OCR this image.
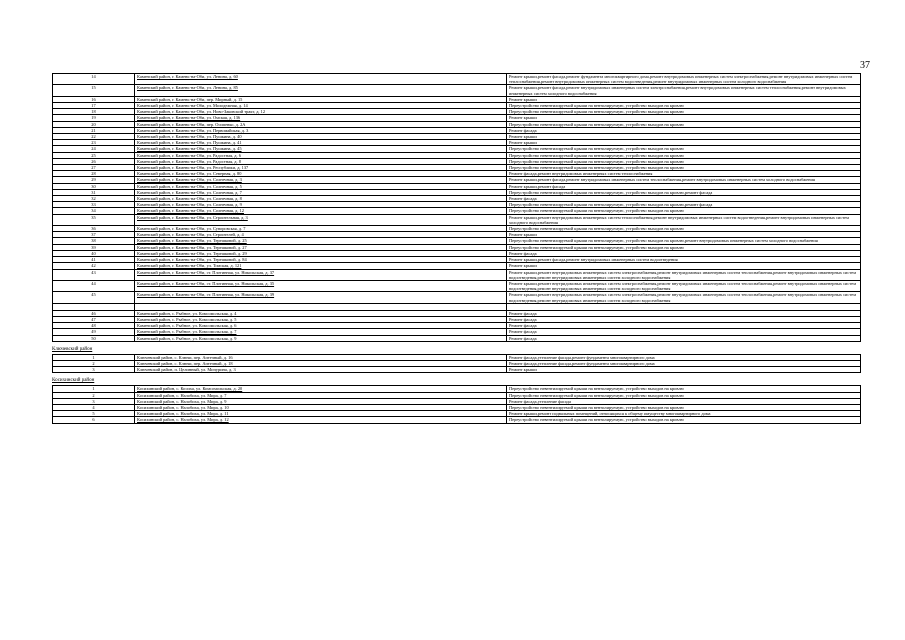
37
14	Каменский район, г. Камень-на-Оби, ул. Ленина, д. 60	Ремонт крыши,ремонт фасада,ремонт фундамента многоквартирного дома,ремонт внутридомовых инженерных систем электроснабжения,ремонт внутридомовых инженерных систем теплоснабжения,ремонт внутридомовых инженерных систем водоотведения,ремонт внутридомовых инженерных систем холодного водоснабжения
15	Каменский район, г. Камень-на-Оби, ул. Ленина, д. 85	Ремонт крыши,ремонт фасада,ремонт внутридомовых инженерных систем электроснабжения,ремонт внутридомовых инженерных систем теплоснабжения,ремонт внутридомовых инженерных систем холодного водоснабжения
16	Каменский район, г. Камень-на-Оби, пер. Мирный, д. 15	Ремонт крыши
17	Каменский район, г. Камень-на-Оби, ул. Молодежная, д. 14	Переустройство невентилируемой крыши на вентилируемую, устройство выходов на кровлю
18	Каменский район, г. Камень-на-Оби, ул. Ново-Заковский тракт, д. 12	Переустройство невентилируемой крыши на вентилируемую, устройство выходов на кровлю
19	Каменский район, г. Камень-на-Оби, ул. Омская, д. 136	Ремонт крыши
20	Каменский район, г. Камень-на-Оби, пер. Осипенко, д. 2А	Переустройство невентилируемой крыши на вентилируемую, устройство выходов на кровлю
21	Каменский район, г. Камень-на-Оби, ул. Первомайская, д. 3	Ремонт фасада
22	Каменский район, г. Камень-на-Оби, ул. Пушкина, д. 40	Ремонт крыши
23	Каменский район, г. Камень-на-Оби, ул. Пушкина, д. 41	Ремонт крыши
24	Каменский район, г. Камень-на-Оби, ул. Пушкина, д. 45	Переустройство невентилируемой крыши на вентилируемую, устройство выходов на кровлю
25	Каменский район, г. Камень-на-Оби, ул. Радостная, д. 6	Переустройство невентилируемой крыши на вентилируемую, устройство выходов на кровлю
26	Каменский район, г. Камень-на-Оби, ул. Радостная, д. 8	Переустройство невентилируемой крыши на вентилируемую, устройство выходов на кровлю
27	Каменский район, г. Камень-на-Оби, ул. Республики, д. 137	Переустройство невентилируемой крыши на вентилируемую, устройство выходов на кровлю
28	Каменский район, г. Камень-на-Оби, ул. Северная, д. 80	Ремонт фасада,ремонт внутридомовых инженерных систем теплоснабжения
29	Каменский район, г. Камень-на-Оби, ул. Солнечная, д. 3	Ремонт крыши,ремонт фасада,ремонт внутридомовых инженерных систем теплоснабжения,ремонт внутридомовых инженерных систем холодного водоснабжения
30	Каменский район, г. Камень-на-Оби, ул. Солнечная, д. 5	Ремонт крыши,ремонт фасада
31	Каменский район, г. Камень-на-Оби, ул. Солнечная, д. 7	Переустройство невентилируемой крыши на вентилируемую, устройство выходов на кровлю,ремонт фасада
32	Каменский район, г. Камень-на-Оби, ул. Солнечная, д. 8	Ремонт фасада
33	Каменский район, г. Камень-на-Оби, ул. Солнечная, д. 9	Переустройство невентилируемой крыши на вентилируемую, устройство выходов на кровлю,ремонт фасада
34	Каменский район, г. Камень-на-Оби, ул. Солнечная, д. 12	Переустройство невентилируемой крыши на вентилируемую, устройство выходов на кровлю
35	Каменский район, г. Камень-на-Оби, ул. Строительная, д. 3	Ремонт крыши,ремонт внутридомовых инженерных систем теплоснабжения,ремонт внутридомовых инженерных систем водоотведения,ремонт внутридомовых инженерных систем холодного водоснабжения
36	Каменский район, г. Камень-на-Оби, ул. Суворовская, д. 7	Переустройство невентилируемой крыши на вентилируемую, устройство выходов на кровлю
37	Каменский район, г. Камень-на-Оби, ул. Строителей, д. 4	Ремонт крыши
38	Каменский район, г. Камень-на-Оби, ул. Терешковой, д. 25	Переустройство невентилируемой крыши на вентилируемую, устройство выходов на кровлю,ремонт внутридомовых инженерных систем холодного водоснабжения
39	Каменский район, г. Камень-на-Оби, ул. Терешковой, д. 27	Переустройство невентилируемой крыши на вентилируемую, устройство выходов на кровлю
40	Каменский район, г. Камень-на-Оби, ул. Терешковой, д. 29	Ремонт фасада
41	Каменский район, г. Камень-на-Оби, ул. Терешковой, д. 84	Ремонт крыши,ремонт фасада,ремонт внутридомовых инженерных систем водоотведения
42	Каменский район, г. Камень-на-Оби, ул. Томская, д. 121	Ремонт крыши
43	Каменский район, г. Камень-на-Оби, ст. Плотинная, ул. Никольская, д. 37	Ремонт крыши,ремонт внутридомовых инженерных систем электроснабжения,ремонт внутридомовых инженерных систем теплоснабжения,ремонт внутридомовых инженерных систем водоотведения,ремонт внутридомовых инженерных систем холодного водоснабжения
44	Каменский район, г. Камень-на-Оби, ст. Плотинная, ул. Никольская, д. 35	Ремонт крыши,ремонт внутридомовых инженерных систем электроснабжения,ремонт внутридомовых инженерных систем теплоснабжения,ремонт внутридомовых инженерных систем водоотведения,ремонт внутридомовых инженерных систем холодного водоснабжения
45	Каменский район, г. Камень-на-Оби, ст. Плотинная, ул. Никольская, д. 39	Ремонт крыши,ремонт внутридомовых инженерных систем электроснабжения,ремонт внутридомовых инженерных систем теплоснабжения,ремонт внутридомовых инженерных систем водоотведения,ремонт внутридомовых инженерных систем холодного водоснабжения

46	Каменский район, с. Рыбное, ул. Комсомольская, д. 4	Ремонт фасада
47	Каменский район, с. Рыбное, ул. Комсомольская, д. 5	Ремонт фасада
48	Каменский район, с. Рыбное, ул. Комсомольская, д. 6	Ремонт фасада
49	Каменский район, с. Рыбное, ул. Комсомольская, д. 7	Ремонт фасада
50	Каменский район, с. Рыбное, ул. Комсомольская, д. 9	Ремонт фасада
Ключевский район
1	Ключевский район, с. Ключи, пер. Аптечный, д. 16	Ремонт фасада,утепление фасада,ремонт фундамента многоквартирного дома
2	Ключевский район, с. Ключи, пер. Аптечный, д. 18	Ремонт фасада,утепление фасада,ремонт фундамента многоквартирного дома
3	Ключевский район, п. Целинный, ул. Мичурина, д. 3	Ремонт крыши
Косихинский район
1	Косихинский район, с. Косиха, ул. Комсомольская, д. 20	Переустройство невентилируемой крыши на вентилируемую, устройство выходов на кровлю
2	Косихинский район, с. Налобиха, ул. Мира, д. 7	Переустройство невентилируемой крыши на вентилируемую, устройство выходов на кровлю
3	Косихинский район, с. Налобиха, ул. Мира, д. 9	Ремонт фасада,утепление фасада
4	Косихинский район, с. Налобиха, ул. Мира, д. 10	Переустройство невентилируемой крыши на вентилируемую, устройство выходов на кровлю
5	Косихинский район, с. Налобиха, ул. Мира, д. 11	Ремонт крыши,ремонт подвальных помещений, относящихся к общему имуществу многоквартирного дома
6	Косихинский район, с. Налобиха, ул. Мира, д. 12	Переустройство невентилируемой крыши на вентилируемую, устройство выходов на кровлю
